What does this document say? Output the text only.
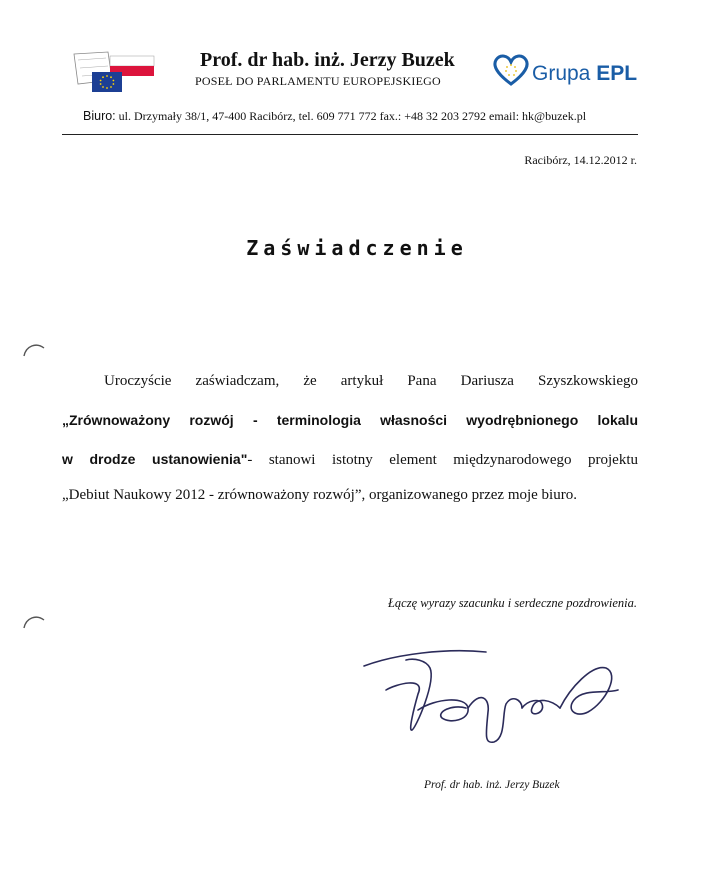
Prof. dr hab. inż. Jerzy Buzek
POSEŁ DO PARLAMENTU EUROPEJSKIEGO	Grupa EPL
Biuro: ul. Drzymały 38/1, 47-400 Racibórz, tel. 609 771 772 fax.: +48 32 203 2792 email: hk@buzek.pl
Racibórz, 14.12.2012 r.
Zaświadczenie
Uroczyście zaświadczam, że artykuł Pana Dariusza Szyszkowskiego
„Zrównoważony rozwój - terminologia własności wyodrębnionego lokalu
w drodze ustanowienia"- stanowi istotny element międzynarodowego projektu
„Debiut Naukowy 2012 - zrównoważony rozwój”, organizowanego przez moje biuro.
Łączę wyrazy szacunku i serdeczne pozdrowienia.
Prof. dr hab. inż. Jerzy Buzek
